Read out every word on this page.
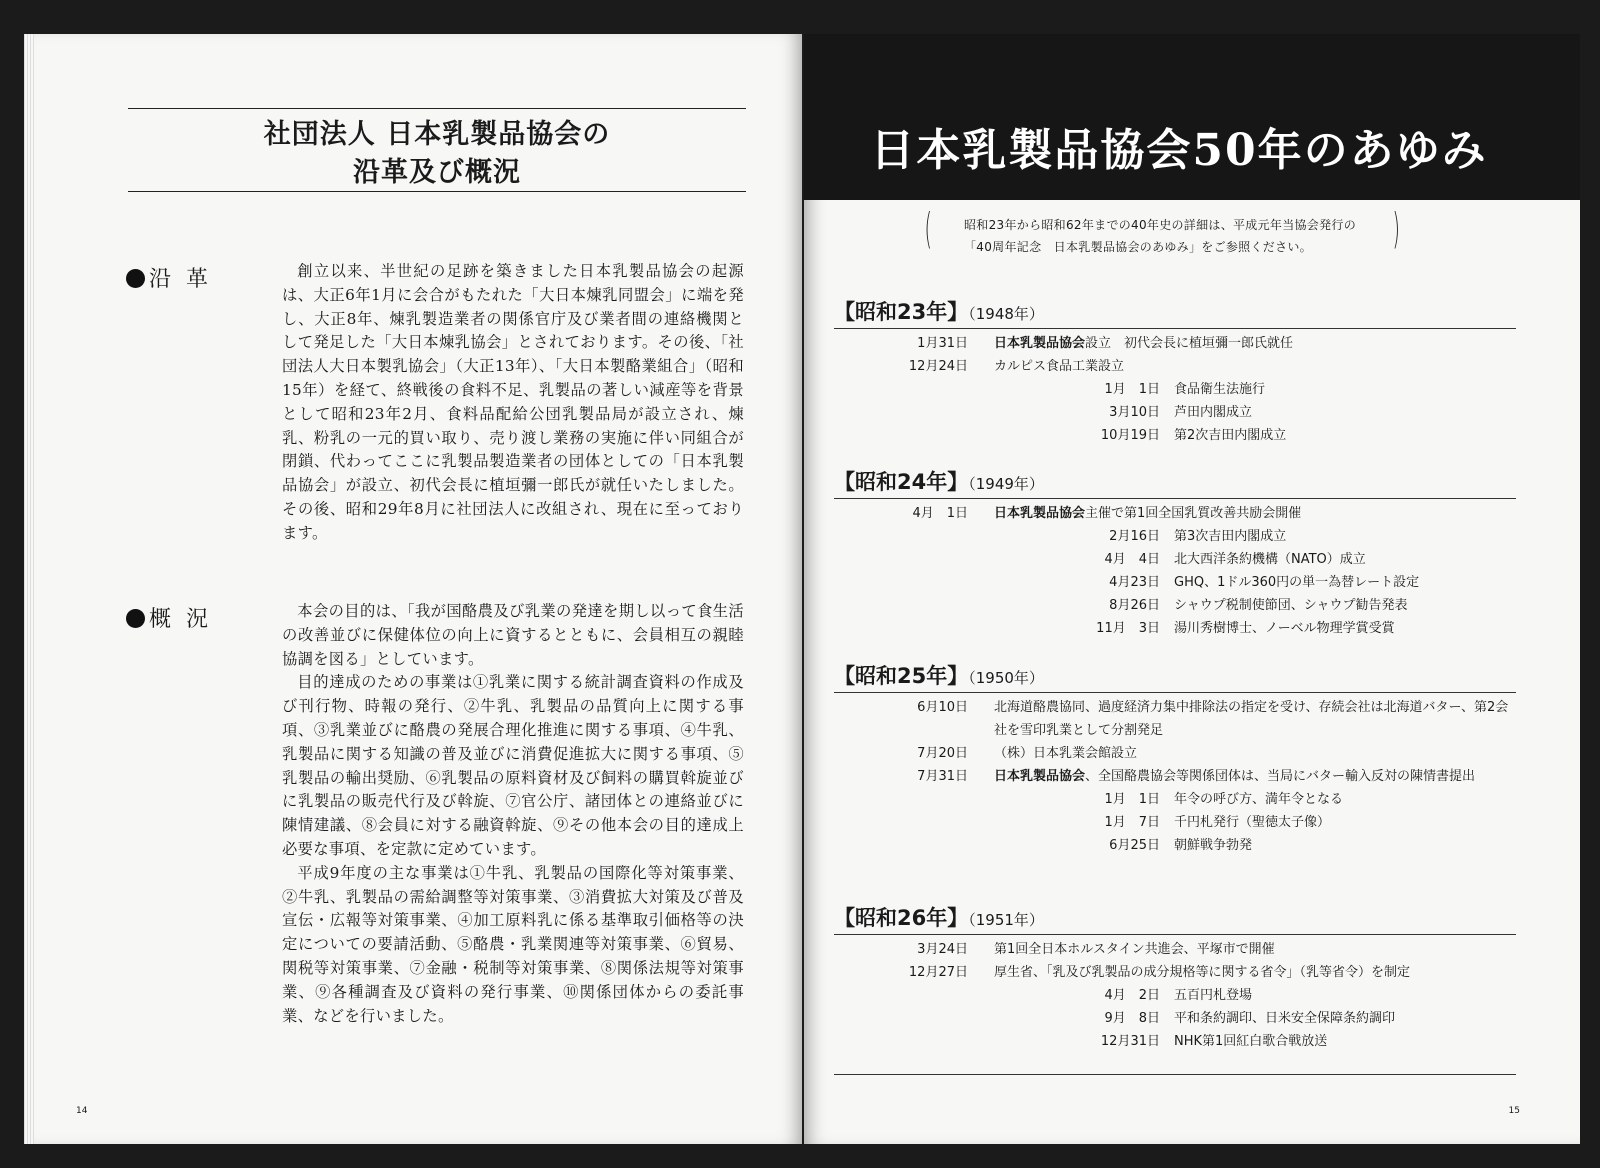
社団法人 日本乳製品協会の
沿革及び概況
沿 革	創立以来、半世紀の足跡を築きました日本乳製品協会の起源は、大正6年1月に会合がもたれた「大日本煉乳同盟会」に端を発し、大正8年、煉乳製造業者の関係官庁及び業者間の連絡機関として発足した「大日本煉乳協会」とされております。その後、「社団法人大日本製乳協会」（大正13年）、「大日本製酪業組合」（昭和15年）を経て、終戦後の食料不足、乳製品の著しい減産等を背景として昭和23年2月、食料品配給公団乳製品局が設立され、煉乳、粉乳の一元的買い取り、売り渡し業務の実施に伴い同組合が閉鎖、代わってここに乳製品製造業者の団体としての「日本乳製品協会」が設立、初代会長に植垣彌一郎氏が就任いたしました。その後、昭和29年8月に社団法人に改組され、現在に至っております。

概 況	本会の目的は、「我が国酪農及び乳業の発達を期し以って食生活の改善並びに保健体位の向上に資するとともに、会員相互の親睦協調を図る」としています。

目的達成のための事業は①乳業に関する統計調査資料の作成及び刊行物、時報の発行、②牛乳、乳製品の品質向上に関する事項、③乳業並びに酪農の発展合理化推進に関する事項、④牛乳、乳製品に関する知識の普及並びに消費促進拡大に関する事項、⑤乳製品の輸出奨励、⑥乳製品の原料資材及び飼料の購買斡旋並びに乳製品の販売代行及び斡旋、⑦官公庁、諸団体との連絡並びに陳情建議、⑧会員に対する融資斡旋、⑨その他本会の目的達成上必要な事項、を定款に定めています。

平成9年度の主な事業は①牛乳、乳製品の国際化等対策事業、②牛乳、乳製品の需給調整等対策事業、③消費拡大対策及び普及宣伝・広報等対策事業、④加工原料乳に係る基準取引価格等の決定についての要請活動、⑤酪農・乳業関連等対策事業、⑥貿易、関税等対策事業、⑦金融・税制等対策事業、⑧関係法規等対策事業、⑨各種調査及び資料の発行事業、⑩関係団体からの委託事業、などを行いました。

14
日本乳製品協会50年のあゆみ
(	昭和23年から昭和62年までの40年史の詳細は、平成元年当協会発行の
「40周年記念　日本乳製品協会のあゆみ」をご参照ください。	)
【昭和23年】（1948年）
1月31日	日本乳製品協会設立　初代会長に植垣彌一郎氏就任
12月24日	カルピス食品工業設立
1月　1日	食品衛生法施行
3月10日	芦田内閣成立
10月19日	第2次吉田内閣成立
【昭和24年】（1949年）
4月　1日	日本乳製品協会主催で第1回全国乳質改善共励会開催
2月16日	第3次吉田内閣成立
4月　4日	北大西洋条約機構（NATO）成立
4月23日	GHQ、1ドル360円の単一為替レート設定
8月26日	シャウプ税制使節団、シャウプ勧告発表
11月　3日	湯川秀樹博士、ノーベル物理学賞受賞
【昭和25年】（1950年）
6月10日	北海道酪農協同、過度経済力集中排除法の指定を受け、存続会社は北海道バター、第2会社を雪印乳業として分割発足
7月20日	（株）日本乳業会館設立
7月31日	日本乳製品協会、全国酪農協会等関係団体は、当局にバター輸入反対の陳情書提出
1月　1日	年令の呼び方、満年令となる
1月　7日	千円札発行（聖徳太子像）
6月25日	朝鮮戦争勃発
【昭和26年】（1951年）
3月24日	第1回全日本ホルスタイン共進会、平塚市で開催
12月27日	厚生省、「乳及び乳製品の成分規格等に関する省令」（乳等省令）を制定
4月　2日	五百円札登場
9月　8日	平和条約調印、日米安全保障条約調印
12月31日	NHK第1回紅白歌合戦放送
15
